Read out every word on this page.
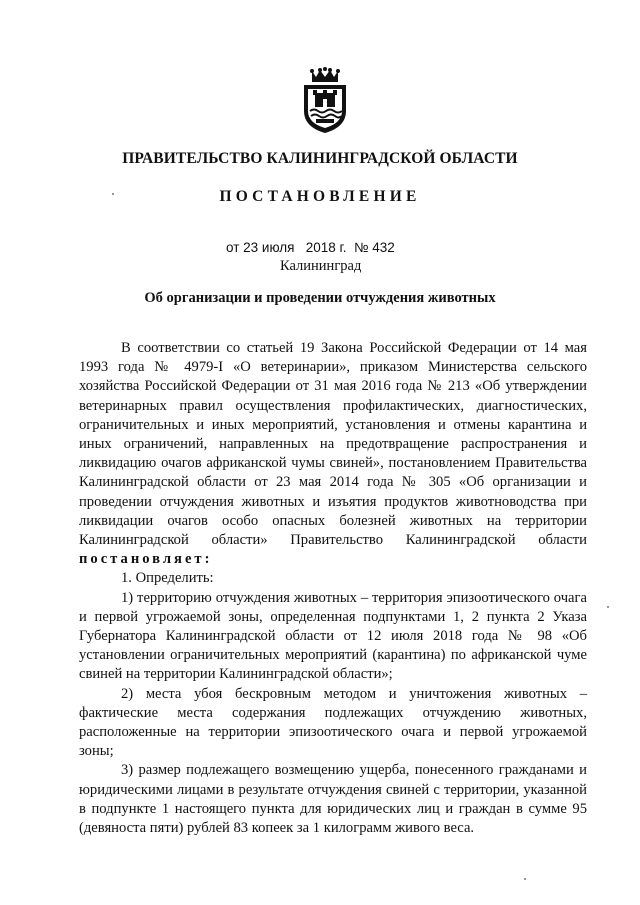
ПРАВИТЕЛЬСТВО КАЛИНИНГРАДСКОЙ ОБЛАСТИ
ПОСТАНОВЛЕНИЕ
от 23 июля   2018 г.  № 432
Калининград
Об организации и проведении отчуждения животных

В соответствии со статьей 19 Закона Российской Федерации от 14 мая 1993 года № 4979-I «О ветеринарии», приказом Министерства сельского хозяйства Российской Федерации от 31 мая 2016 года № 213 «Об утверждении ветеринарных правил осуществления профилактических, диагностических, ограничительных и иных мероприятий, установления и отмены карантина и иных ограничений, направленных на предотвращение распространения и ликвидацию очагов африканской чумы свиней», постановлением Правительства Калининградской области от 23 мая 2014 года № 305 «Об организации и проведении отчуждения животных и изъятия продуктов животноводства при ликвидации очагов особо опасных болезней животных на территории Калининградской области» Правительство Калининградской области постановляет:

1. Определить:

1) территорию отчуждения животных – территория эпизоотического очага и первой угрожаемой зоны, определенная подпунктами 1, 2 пункта 2 Указа Губернатора Калининградской области от 12 июля 2018 года № 98 «Об установлении ограничительных мероприятий (карантина) по африканской чуме свиней на территории Калининградской области»;

2) места убоя бескровным методом и уничтожения животных – фактические места содержания подлежащих отчуждению животных, расположенные на территории эпизоотического очага и первой угрожаемой зоны;

3) размер подлежащего возмещению ущерба, понесенного гражданами и юридическими лицами в результате отчуждения свиней с территории, указанной в подпункте 1 настоящего пункта для юридических лиц и граждан в сумме 95 (девяноста пяти) рублей 83 копеек за 1 килограмм живого веса.
